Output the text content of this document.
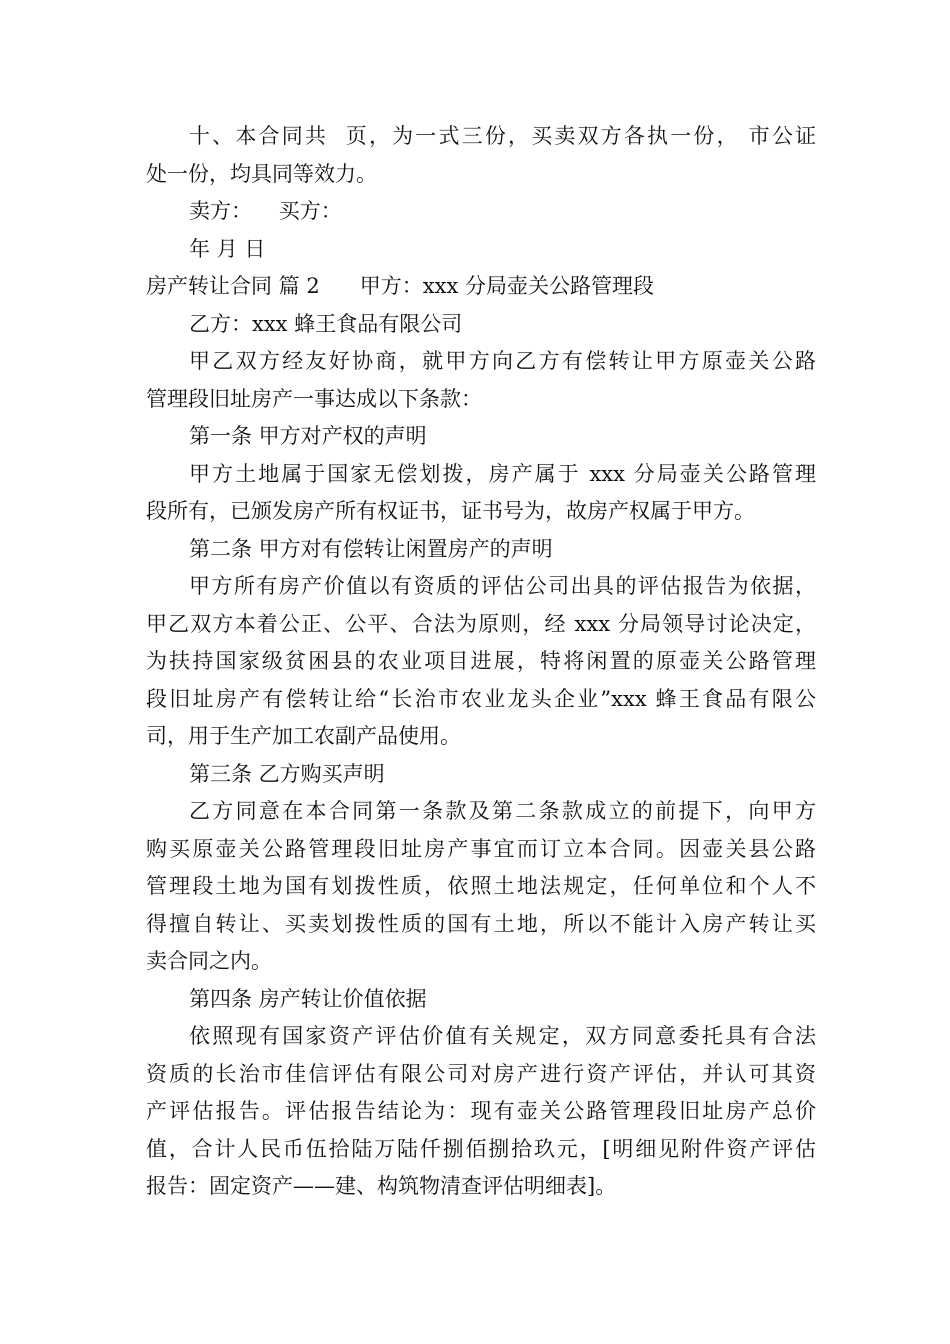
十、本合同共  页，为一式三份，买卖双方各执一份， 市公证
处一份，均具同等效力。
卖方：    买方：
年 月 日
房产转让合同 篇 2      甲方：xxx 分局壶关公路管理段
乙方：xxx 蜂王食品有限公司
甲乙双方经友好协商，就甲方向乙方有偿转让甲方原壶关公路
管理段旧址房产一事达成以下条款：
第一条 甲方对产权的声明
甲方土地属于国家无偿划拨，房产属于 xxx 分局壶关公路管理
段所有，已颁发房产所有权证书，证书号为，故房产权属于甲方。
第二条 甲方对有偿转让闲置房产的声明
甲方所有房产价值以有资质的评估公司出具的评估报告为依据，
甲乙双方本着公正、公平、合法为原则，经 xxx 分局领导讨论决定，
为扶持国家级贫困县的农业项目进展，特将闲置的原壶关公路管理
段旧址房产有偿转让给“长治市农业龙头企业”xxx 蜂王食品有限公
司，用于生产加工农副产品使用。
第三条 乙方购买声明
乙方同意在本合同第一条款及第二条款成立的前提下，向甲方
购买原壶关公路管理段旧址房产事宜而订立本合同。因壶关县公路
管理段土地为国有划拨性质，依照土地法规定，任何单位和个人不
得擅自转让、买卖划拨性质的国有土地，所以不能计入房产转让买
卖合同之内。
第四条 房产转让价值依据
依照现有国家资产评估价值有关规定，双方同意委托具有合法
资质的长治市佳信评估有限公司对房产进行资产评估，并认可其资
产评估报告。评估报告结论为：现有壶关公路管理段旧址房产总价
值，合计人民币伍拾陆万陆仟捌佰捌拾玖元，[明细见附件资产评估
报告：固定资产——建、构筑物清查评估明细表]。
